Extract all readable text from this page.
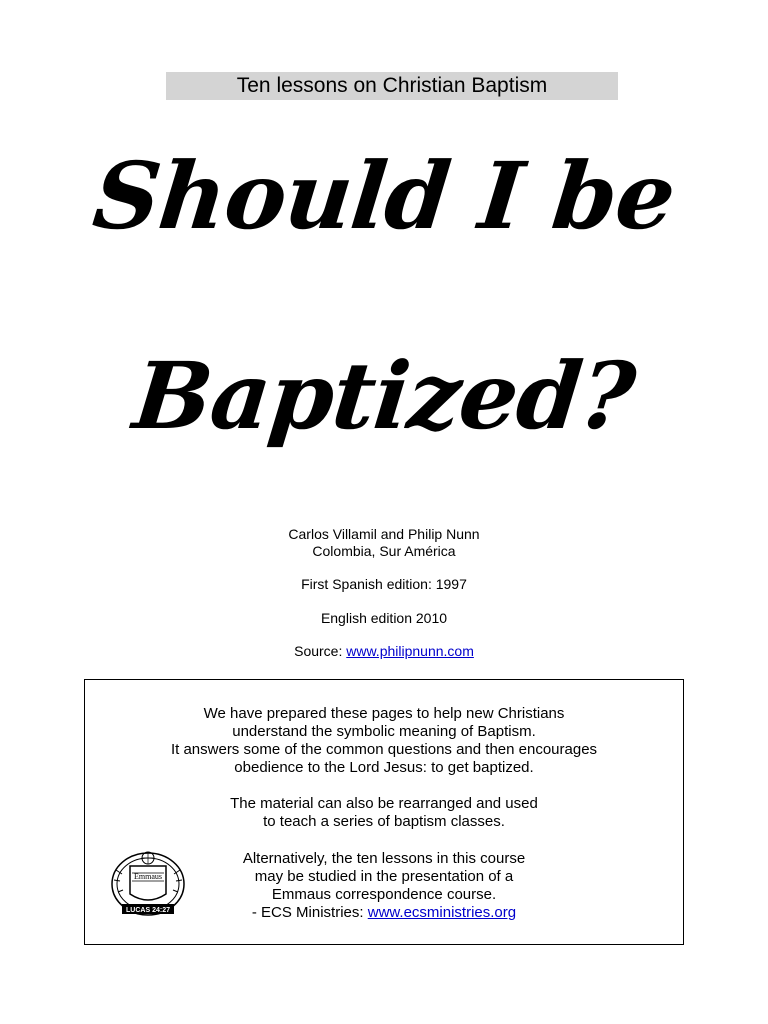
Ten lessons on Christian Baptism
Should I be
Baptized?
Carlos Villamil and Philip Nunn
Colombia, Sur América
First Spanish edition: 1997
English edition 2010
Source: www.philipnunn.com

We have prepared these pages to help new Christians

understand the symbolic meaning of Baptism.

It answers some of the common questions and then encourages

obedience to the Lord Jesus: to get baptized.

The material can also be rearranged and used

to teach a series of baptism classes.

Alternatively, the ten lessons in this course

may be studied in the presentation of a

Emmaus correspondence course.

- ECS Ministries: www.ecsministries.org

Emmaus
LUCAS 24:27
